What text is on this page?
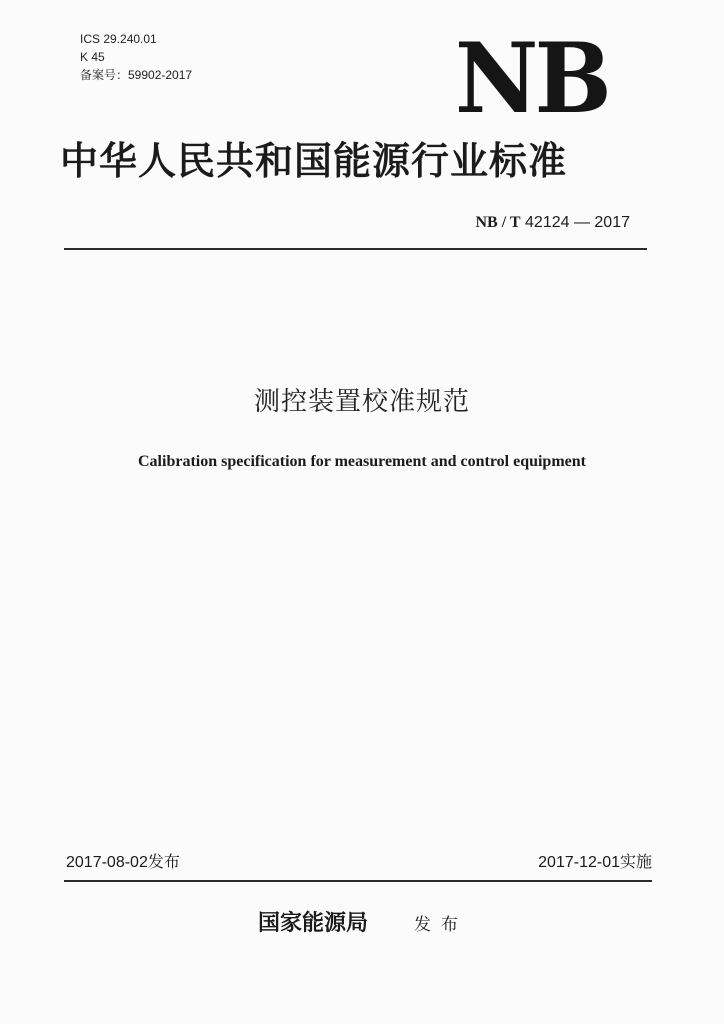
ICS 29.240.01
K 45
备案号：59902-2017	NB
中华人民共和国能源行业标准
NB / T 42124 — 2017
测控装置校准规范
Calibration specification for measurement and control equipment
2017-08-02发布	2017-12-01实施
国家能源局	发布
